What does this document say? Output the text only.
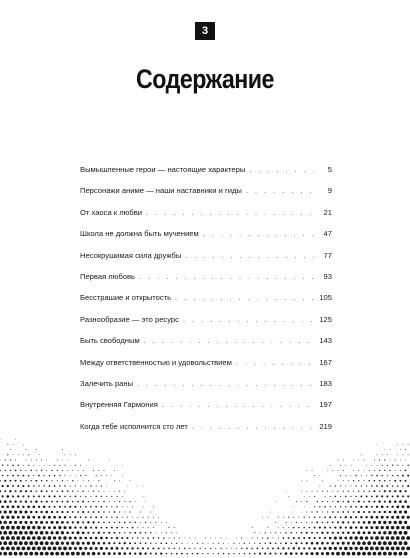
3
Содержание
Вымышленные герои — настоящие характеры . . .	5
Персонажи аниме — наши наставники и гиды . . .	9
От хаоса к любви . . .	21
Школа не должна быть мучением . . .	47
Несокрушимая сила дружбы . . .	77
Первая любовь . . .	93
Бесстрашие и открытость . . .	105
Разнообразие — это ресурс . . .	125
Быть свободным . . .	143
Между ответственностью и удовольствием . . .	167
Залечить раны . . .	183
Внутренняя Гармония . . .	197
Когда тебе исполнится сто лет . . .	219
